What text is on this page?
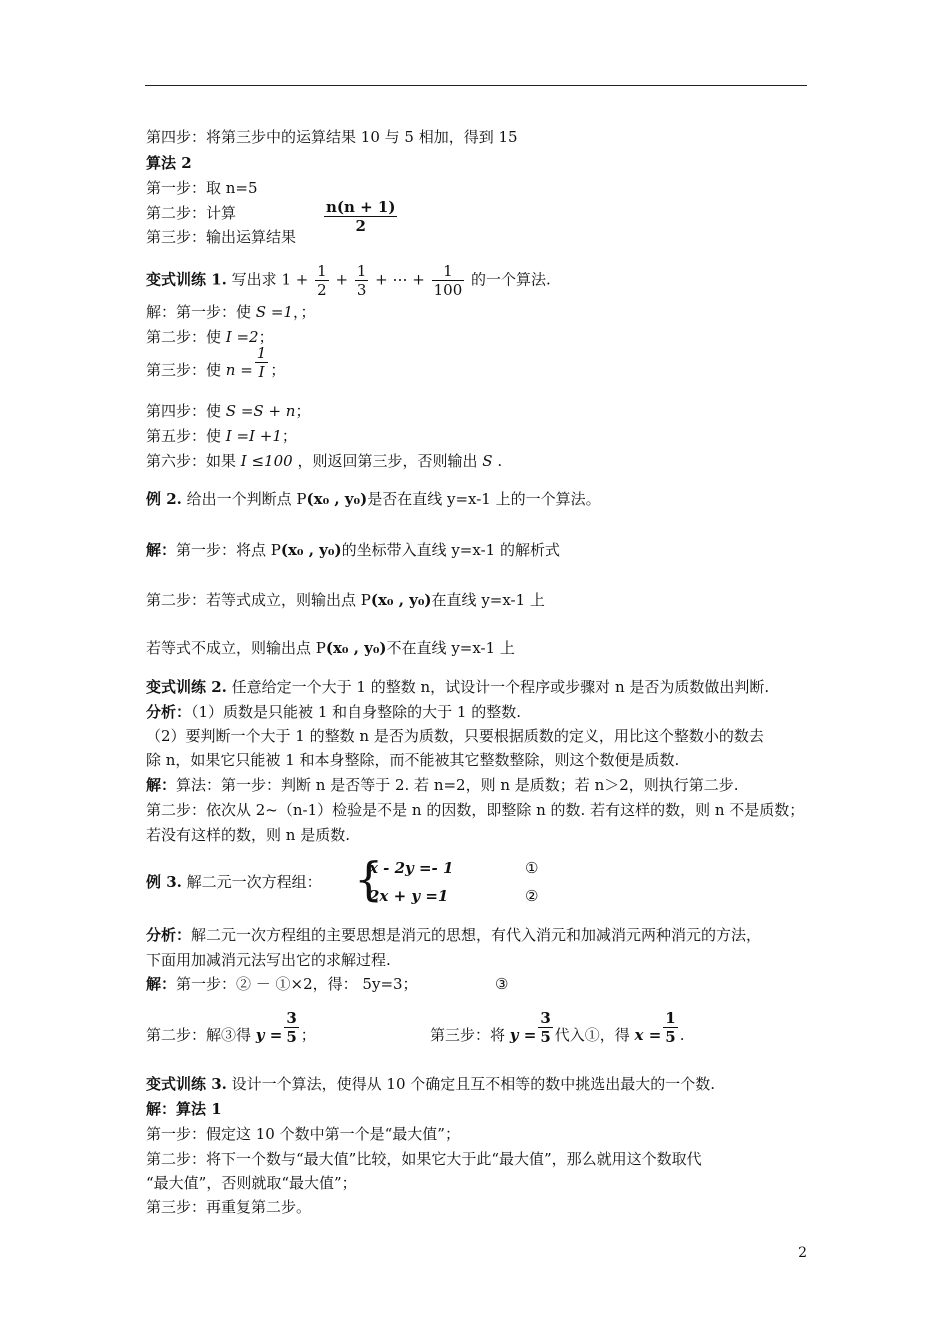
第四步：将第三步中的运算结果 10 与 5 相加，得到 15
算法 2
第一步：取 n=5
第二步：计算
第三步：输出运算结果
$\frac{n(n + 1)}{2}$
变式训练 1. 写出求 $1 + \frac{1}{2} + \frac{1}{3}$ + ⋯ + $\frac{1}{100}$ 的一个算法.
解：第一步：使 S =1，；
第二步：使 I =2；
第三步：使 $n = \frac{1}{I}$ ；
第四步：使 S =S + n；
第五步：使 I =I +1；
第六步：如果 I ≤100 ，则返回第三步，否则输出 S .
例 2. 给出一个判断点 P(x₀ , y₀)是否在直线 y=x-1 上的一个算法。
解：第一步：将点 P(x₀ , y₀)的坐标带入直线 y=x-1 的解析式
第二步：若等式成立，则输出点 P(x₀ , y₀)在直线 y=x-1 上
若等式不成立，则输出点 P(x₀ , y₀)不在直线 y=x-1 上
变式训练 2. 任意给定一个大于 1 的整数 n，试设计一个程序或步骤对 n 是否为质数做出判断.
分析：（1）质数是只能被 1 和自身整除的大于 1 的整数.
（2）要判断一个大于 1 的整数 n 是否为质数，只要根据质数的定义，用比这个整数小的数去
除 n，如果它只能被 1 和本身整除，而不能被其它整数整除，则这个数便是质数.
解：算法：第一步：判断 n 是否等于 2. 若 n=2，则 n 是质数；若 n＞2，则执行第二步.
第二步：依次从 2~（n-1）检验是不是 n 的因数，即整除 n 的数. 若有这样的数，则 n 不是质数；
若没有这样的数，则 n 是质数.
例 3. 解二元一次方程组： {
x - 2y =- 1
2x + y =1
①
②
分析：解二元一次方程组的主要思想是消元的思想，有代入消元和加减消元两种消元的方法，
下面用加减消元法写出它的求解过程.
解：第一步：② － ①×2，得： 5y=3；	③
第二步：解③得 $y = \frac{3}{5}$ ；	第三步：将 $y = \frac{3}{5}$ 代入①，得 $x = \frac{1}{5}$ .
变式训练 3. 设计一个算法，使得从 10 个确定且互不相等的数中挑选出最大的一个数.
解：算法 1
第一步：假定这 10 个数中第一个是“最大值”；
第二步：将下一个数与“最大值”比较，如果它大于此“最大值”，那么就用这个数取代
“最大值”，否则就取“最大值”；
第三步：再重复第二步。
2
